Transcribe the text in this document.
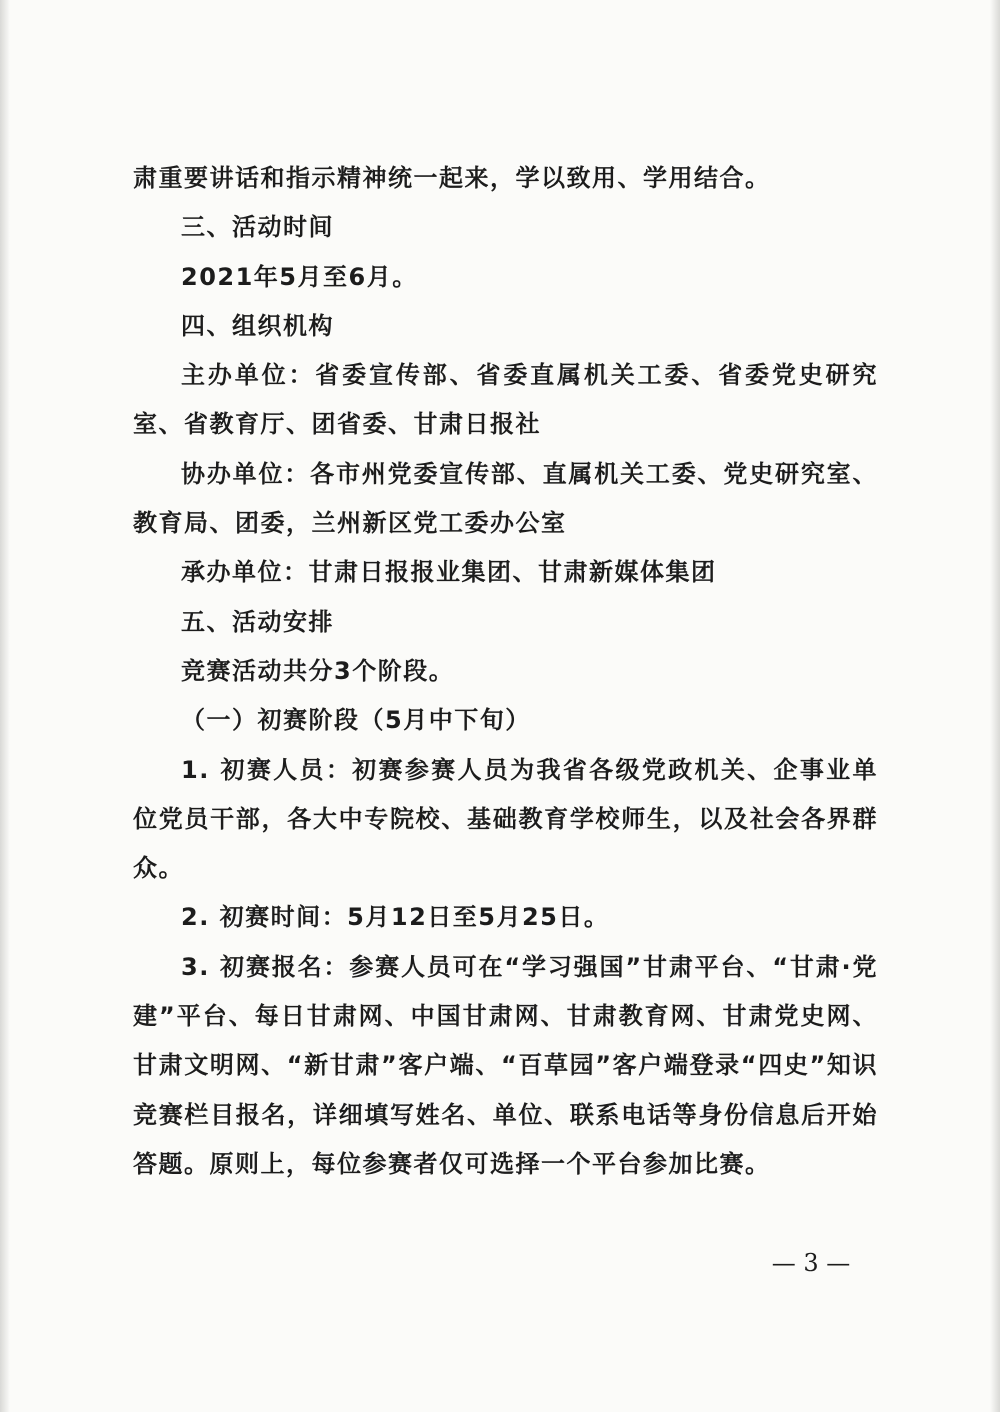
肃重要讲话和指示精神统一起来，学以致用、学用结合。

三、活动时间

2021年5月至6月。

四、组织机构

主办单位：省委宣传部、省委直属机关工委、省委党史研究室、省教育厅、团省委、甘肃日报社

协办单位：各市州党委宣传部、直属机关工委、党史研究室、教育局、团委，兰州新区党工委办公室

承办单位：甘肃日报报业集团、甘肃新媒体集团

五、活动安排

竞赛活动共分3个阶段。

（一）初赛阶段（5月中下旬）

1. 初赛人员：初赛参赛人员为我省各级党政机关、企事业单位党员干部，各大中专院校、基础教育学校师生，以及社会各界群众。

2. 初赛时间：5月12日至5月25日。

3. 初赛报名：参赛人员可在“学习强国”甘肃平台、“甘肃·党建”平台、每日甘肃网、中国甘肃网、甘肃教育网、甘肃党史网、甘肃文明网、“新甘肃”客户端、“百草园”客户端登录“四史”知识竞赛栏目报名，详细填写姓名、单位、联系电话等身份信息后开始答题。原则上，每位参赛者仅可选择一个平台参加比赛。

— 3 —
